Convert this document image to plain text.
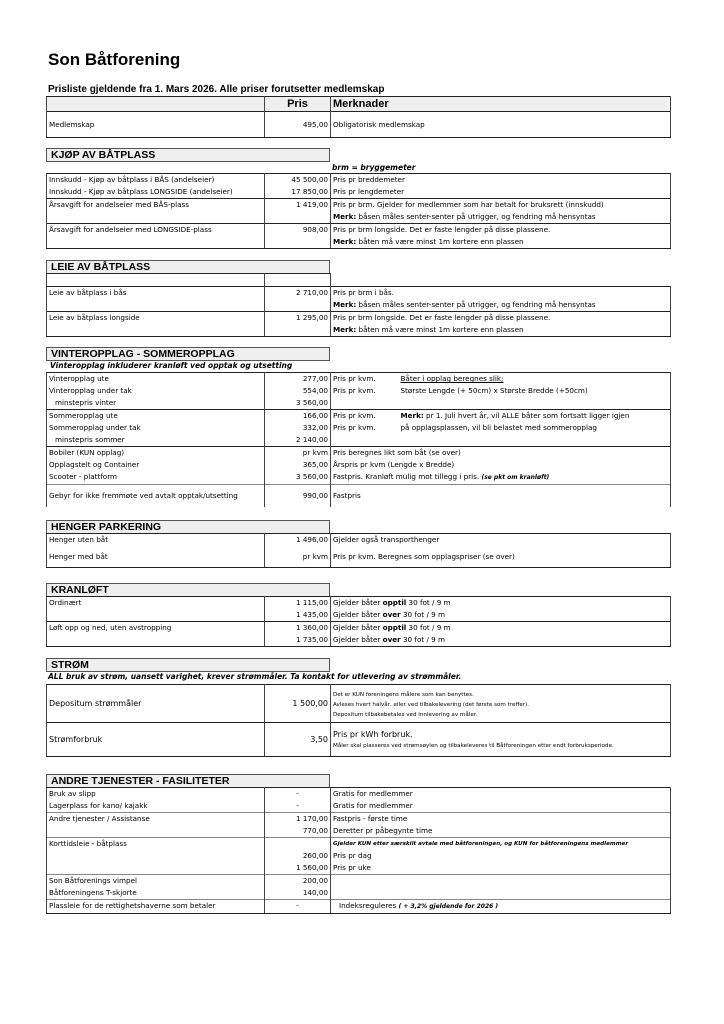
Son Båtforening
Prisliste gjeldende fra 1. Mars 2026. Alle priser forutsetter medlemskap
	Pris	Merknader
Medlemskap	495,00	Obligatorisk medlemskap
KJØP AV BÅTPLASS
brm = bryggemeter
Innskudd - Kjøp av båtplass i BÅS (andelseier)	45 500,00	Pris pr breddemeter
Innskudd - Kjøp av båtplass LONGSIDE (andelseier)	17 850,00	Pris pr lengdemeter
Årsavgift for andelseier med BÅS-plass	1 419,00	Pris pr brm. Gjelder for medlemmer som har betalt for bruksrett (innskudd)
		Merk: båsen måles senter-senter på utrigger, og fendring må hensyntas
Årsavgift for andelseier med LONGSIDE-plass	908,00	Pris pr brm longside. Det er faste lengder på disse plassene.
		Merk: båten må være minst 1m kortere enn plassen
LEIE AV BÅTPLASS

Leie av båtplass i bås	2 710,00	Pris pr brm i bås.
		Merk: båsen måles senter-senter på utrigger, og fendring må hensyntas
Leie av båtplass longside	1 295,00	Pris pr brm longside. Det er faste lengder på disse plassene.
		Merk: båten må være minst 1m kortere enn plassen
VINTEROPPLAG - SOMMEROPPLAG
Vinteropplag inkluderer kranløft ved opptak og utsetting
Vinteropplag ute	277,00	Pris pr kvm.	Båter i opplag beregnes slik;
Vinteropplag under tak	554,00	Pris pr kvm.	Største Lengde (+ 50cm) x Største Bredde (+50cm)
minstepris vinter	3 560,00		
Sommeropplag ute	166,00	Pris pr kvm.	Merk: pr 1. Juli hvert år, vil ALLE båter som fortsatt ligger igjen
Sommeropplag under tak	332,00	Pris pr kvm.	på opplagsplassen, vil bli belastet med sommeropplag
minstepris sommer	2 140,00		
Bobiler (KUN opplag)	pr kvm	Pris beregnes likt som båt (se over)	
Opplagstelt og Container	365,00	Årspris pr kvm (Lengde x Bredde)	
Scooter - plattform	3 560,00	Fastpris. Kranløft mulig mot tillegg i pris. (se pkt om kranløft)	
Gebyr for ikke fremmøte ved avtalt opptak/utsetting	990,00	Fastpris	
HENGER PARKERING
Henger uten båt	1 496,00	Gjelder også transporthenger
Henger med båt	pr kvm	Pris pr kvm. Beregnes som opplagspriser (se over)
KRANLØFT
Ordinært	1 115,00	Gjelder båter opptil 30 fot / 9 m
	1 435,00	Gjelder båter over 30 fot / 9 m
Løft opp og ned, uten avstropping	1 360,00	Gjelder båter opptil 30 fot / 9 m
	1 735,00	Gjelder båter over 30 fot / 9 m
STRØM
ALL bruk av strøm, uansett varighet, krever strømmåler. Ta kontakt for utlevering av strømmåler.
Depositum strømmåler	1 500,00	Det er KUN foreningens målere som kan benyttes.
Avleses hvert halvår, eller ved tilbakelevering (det første som treffer).
Depositum tilbakebetales ved innlevering av måler.

Strømforbruk	3,50	Pris pr kWh forbruk.
Måler skal plasseres ved strømsøylen og tilbakeleveres til Båtforeningen etter endt forbruksperiode.
ANDRE TJENESTER - FASILITETER
Bruk av slipp	-	Gratis for medlemmer
Lagerplass for kano/ kajakk	-	Gratis for medlemmer
Andre tjenester / Assistanse	1 170,00	Fastpris - første time
	770,00	Deretter pr påbegynte time
Korttidsleie - båtplass		Gjelder KUN etter særskilt avtale med båtforeningen, og KUN for båtforeningens medlemmer
	260,00	Pris pr dag
	1 560,00	Pris pr uke
Son Båtforenings vimpel	200,00	
Båtforeningens T-skjorte	140,00	
Plassleie for de rettighetshaverne som betaler	-	Indeksreguleres ( + 3,2% gjeldende for 2026 )
